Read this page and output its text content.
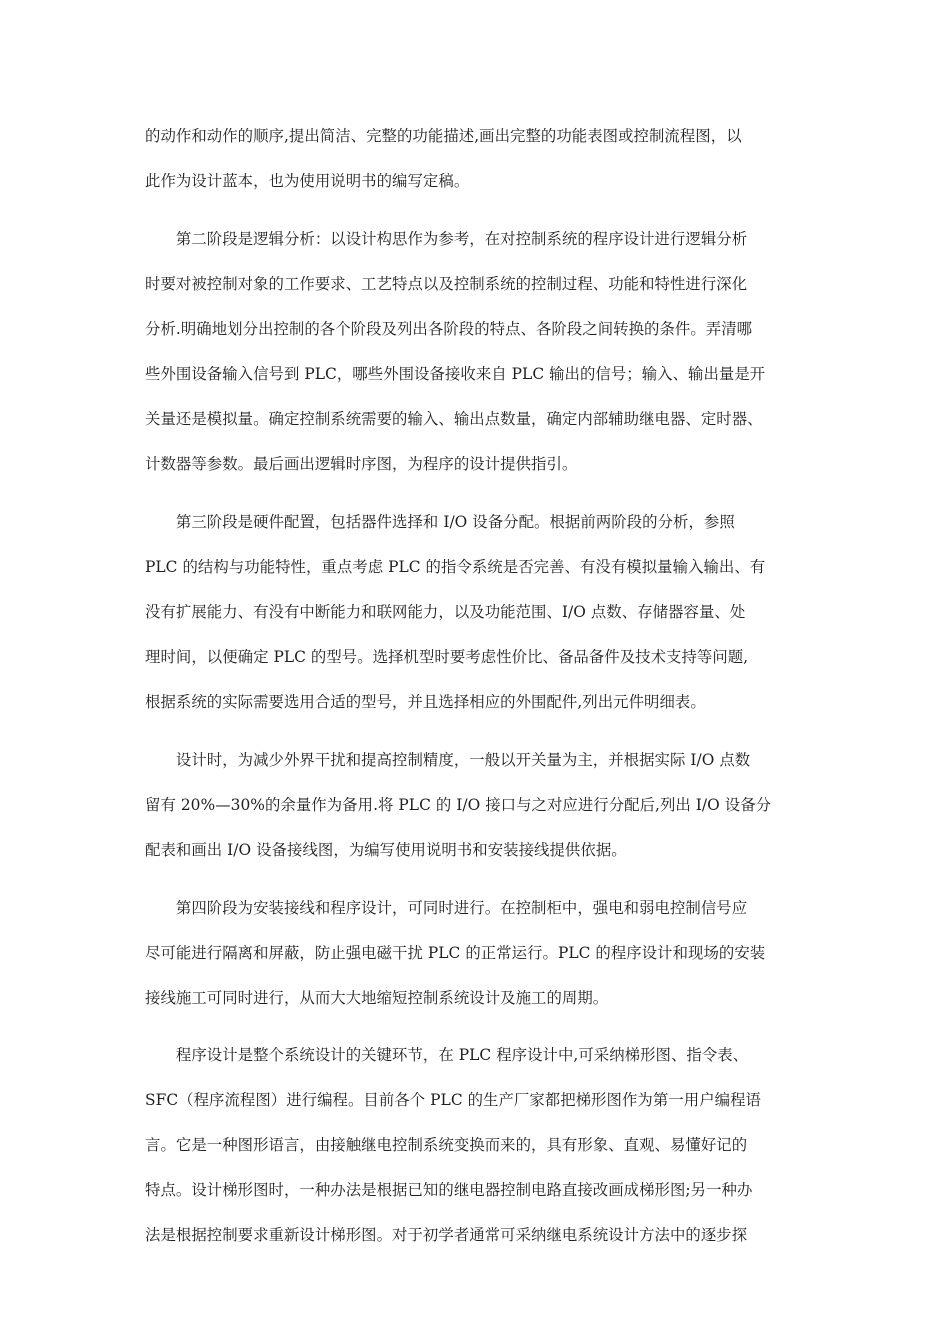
的动作和动作的顺序,提出简洁、完整的功能描述,画出完整的功能表图或控制流程图，以
此作为设计蓝本，也为使用说明书的编写定稿。
　　第二阶段是逻辑分析：以设计构思作为参考，在对控制系统的程序设计进行逻辑分析
时要对被控制对象的工作要求、工艺特点以及控制系统的控制过程、功能和特性进行深化
分析.明确地划分出控制的各个阶段及列出各阶段的特点、各阶段之间转换的条件。弄清哪
些外围设备输入信号到 PLC，哪些外围设备接收来自 PLC 输出的信号；输入、输出量是开
关量还是模拟量。确定控制系统需要的输入、输出点数量，确定内部辅助继电器、定时器、
计数器等参数。最后画出逻辑时序图，为程序的设计提供指引。
　　第三阶段是硬件配置，包括器件选择和 I/O 设备分配。根据前两阶段的分析，参照
PLC 的结构与功能特性，重点考虑 PLC 的指令系统是否完善、有没有模拟量输入输出、有
没有扩展能力、有没有中断能力和联网能力，以及功能范围、I/O 点数、存储器容量、处
理时间，以便确定 PLC 的型号。选择机型时要考虑性价比、备品备件及技术支持等问题,
根据系统的实际需要选用合适的型号，并且选择相应的外围配件,列出元件明细表。
　　设计时，为减少外界干扰和提高控制精度，一般以开关量为主，并根据实际 I/O 点数
留有 20%—30%的余量作为备用.将 PLC 的 I/O 接口与之对应进行分配后,列出 I/O 设备分
配表和画出 I/O 设备接线图，为编写使用说明书和安装接线提供依据。
　　第四阶段为安装接线和程序设计，可同时进行。在控制柜中，强电和弱电控制信号应
尽可能进行隔离和屏蔽，防止强电磁干扰 PLC 的正常运行。PLC 的程序设计和现场的安装
接线施工可同时进行，从而大大地缩短控制系统设计及施工的周期。
　　程序设计是整个系统设计的关键环节，在 PLC 程序设计中,可采纳梯形图、指令表、
SFC（程序流程图）进行编程。目前各个 PLC 的生产厂家都把梯形图作为第一用户编程语
言。它是一种图形语言，由接触继电控制系统变换而来的，具有形象、直观、易懂好记的
特点。设计梯形图时，一种办法是根据已知的继电器控制电路直接改画成梯形图;另一种办
法是根据控制要求重新设计梯形图。对于初学者通常可采纳继电系统设计方法中的逐步探
